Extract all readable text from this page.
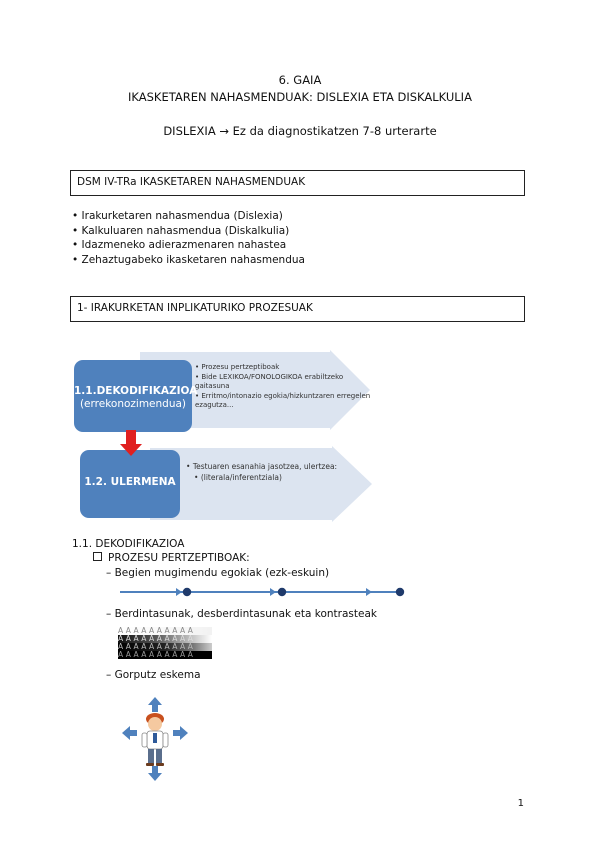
6. GAIA
IKASKETAREN NAHASMENDUAK: DISLEXIA ETA DISKALKULIA
DISLEXIA → Ez da diagnostikatzen 7-8 urterarte
DSM IV-TRa IKASKETAREN NAHASMENDUAK
• Irakurketaren nahasmendua (Dislexia)
• Kalkuluaren nahasmendua (Diskalkulia)
• Idazmeneko adierazmenaren nahastea
• Zehaztugabeko ikasketaren nahasmendua
1- IRAKURKETAN INPLIKATURIKO PROZESUAK
1.1.DEKODIFIKAZIOA
(errekonozimendua)
• Prozesu pertzeptiboak
• Bide LEXIKOA/FONOLOGIKOA erabiltzeko gaitasuna
• Erritmo/intonazio egokia/hizkuntzaren erregelen ezagutza...
1.2. ULERMENA
• Testuaren esanahia jasotzea, ulertzea:
• (literala/inferentziala)
1.1. DEKODIFIKAZIOA
PROZESU PERTZEPTIBOAK:
– Begien mugimendu egokiak (ezk-eskuin)
– Berdintasunak, desberdintasunak eta kontrasteak
AAAAAAAAAA
AAAAAAAAAA
AAAAAAAAAA
AAAAAAAAAA
– Gorputz eskema
1
